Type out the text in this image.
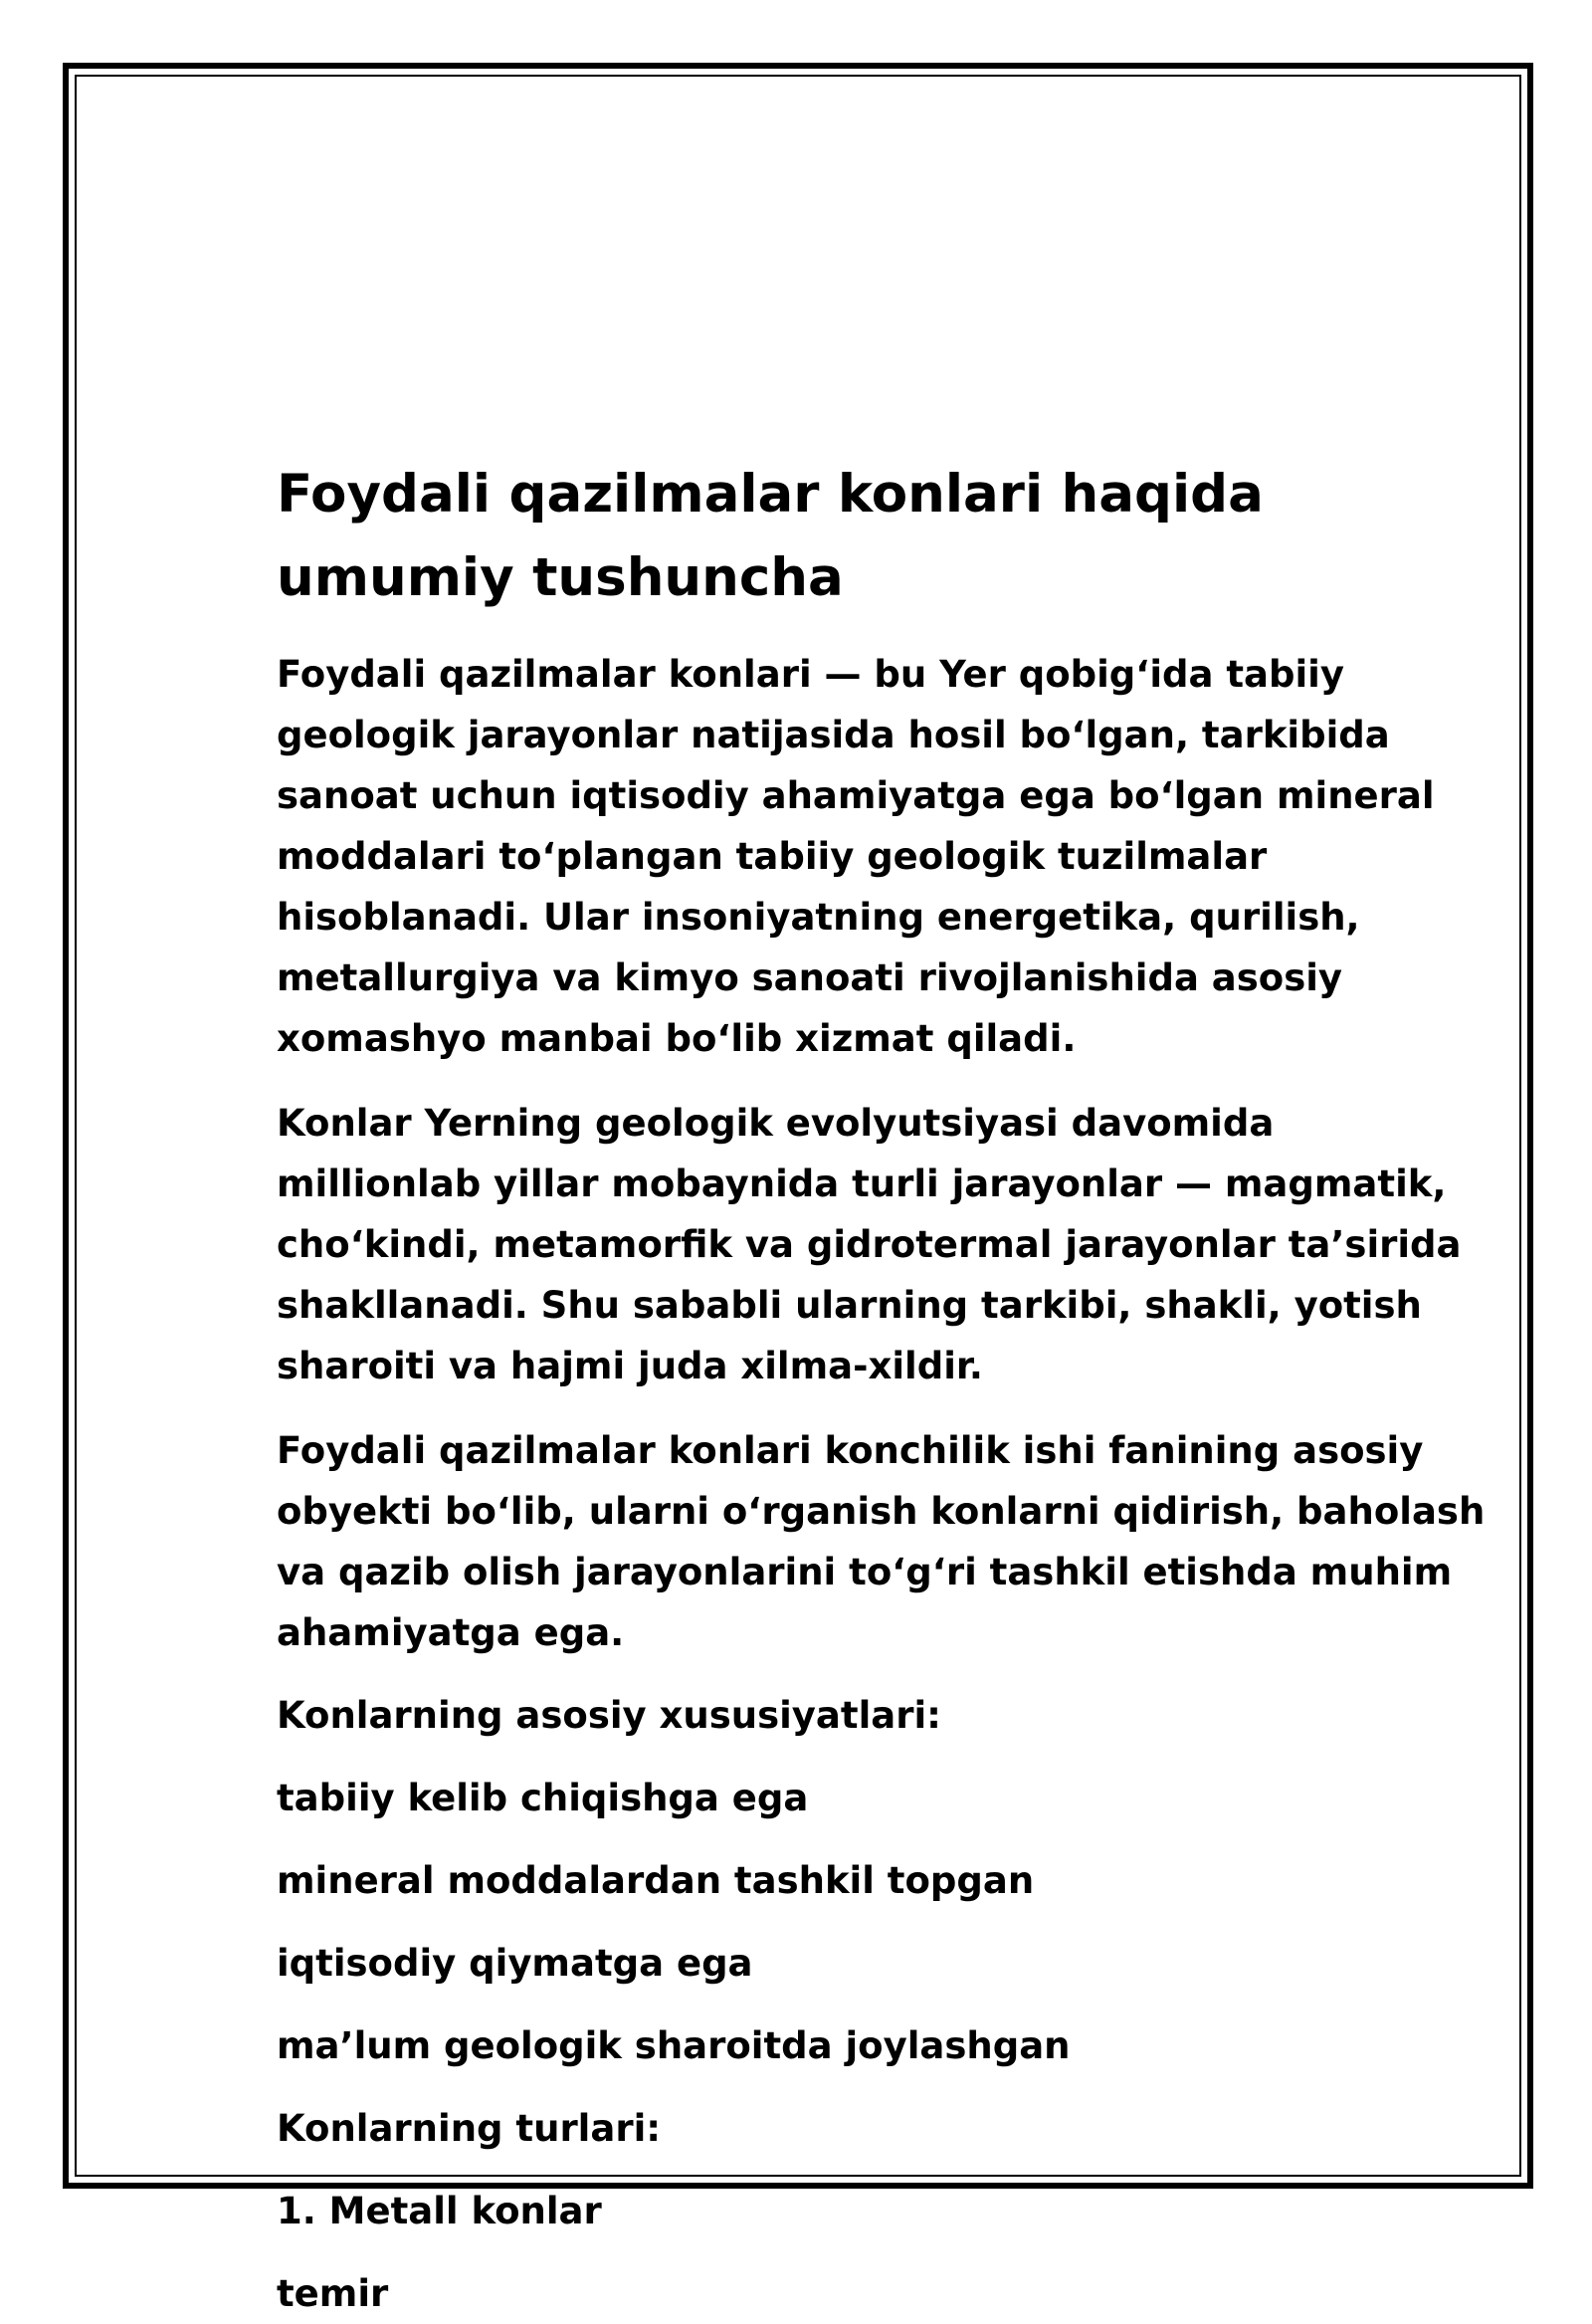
Foydali qazilmalar konlari haqida umumiy tushuncha

Foydali qazilmalar konlari — bu Yer qobig‘ida tabiiy geologik jarayonlar natijasida hosil bo‘lgan, tarkibida sanoat uchun iqtisodiy ahamiyatga ega bo‘lgan mineral moddalari to‘plangan tabiiy geologik tuzilmalar hisoblanadi. Ular insoniyatning energetika, qurilish, metallurgiya va kimyo sanoati rivojlanishida asosiy xomashyo manbai bo‘lib xizmat qiladi.

Konlar Yerning geologik evolyutsiyasi davomida millionlab yillar mobaynida turli jarayonlar — magmatik, cho‘kindi, metamorfik va gidrotermal jarayonlar ta’sirida shakllanadi. Shu sababli ularning tarkibi, shakli, yotish sharoiti va hajmi juda xilma-xildir.

Foydali qazilmalar konlari konchilik ishi fanining asosiy obyekti bo‘lib, ularni o‘rganish konlarni qidirish, baholash va qazib olish jarayonlarini to‘g‘ri tashkil etishda muhim ahamiyatga ega.

Konlarning asosiy xususiyatlari:

tabiiy kelib chiqishga ega

mineral moddalardan tashkil topgan

iqtisodiy qiymatga ega

ma’lum geologik sharoitda joylashgan

Konlarning turlari:

1. Metall konlar

temir
